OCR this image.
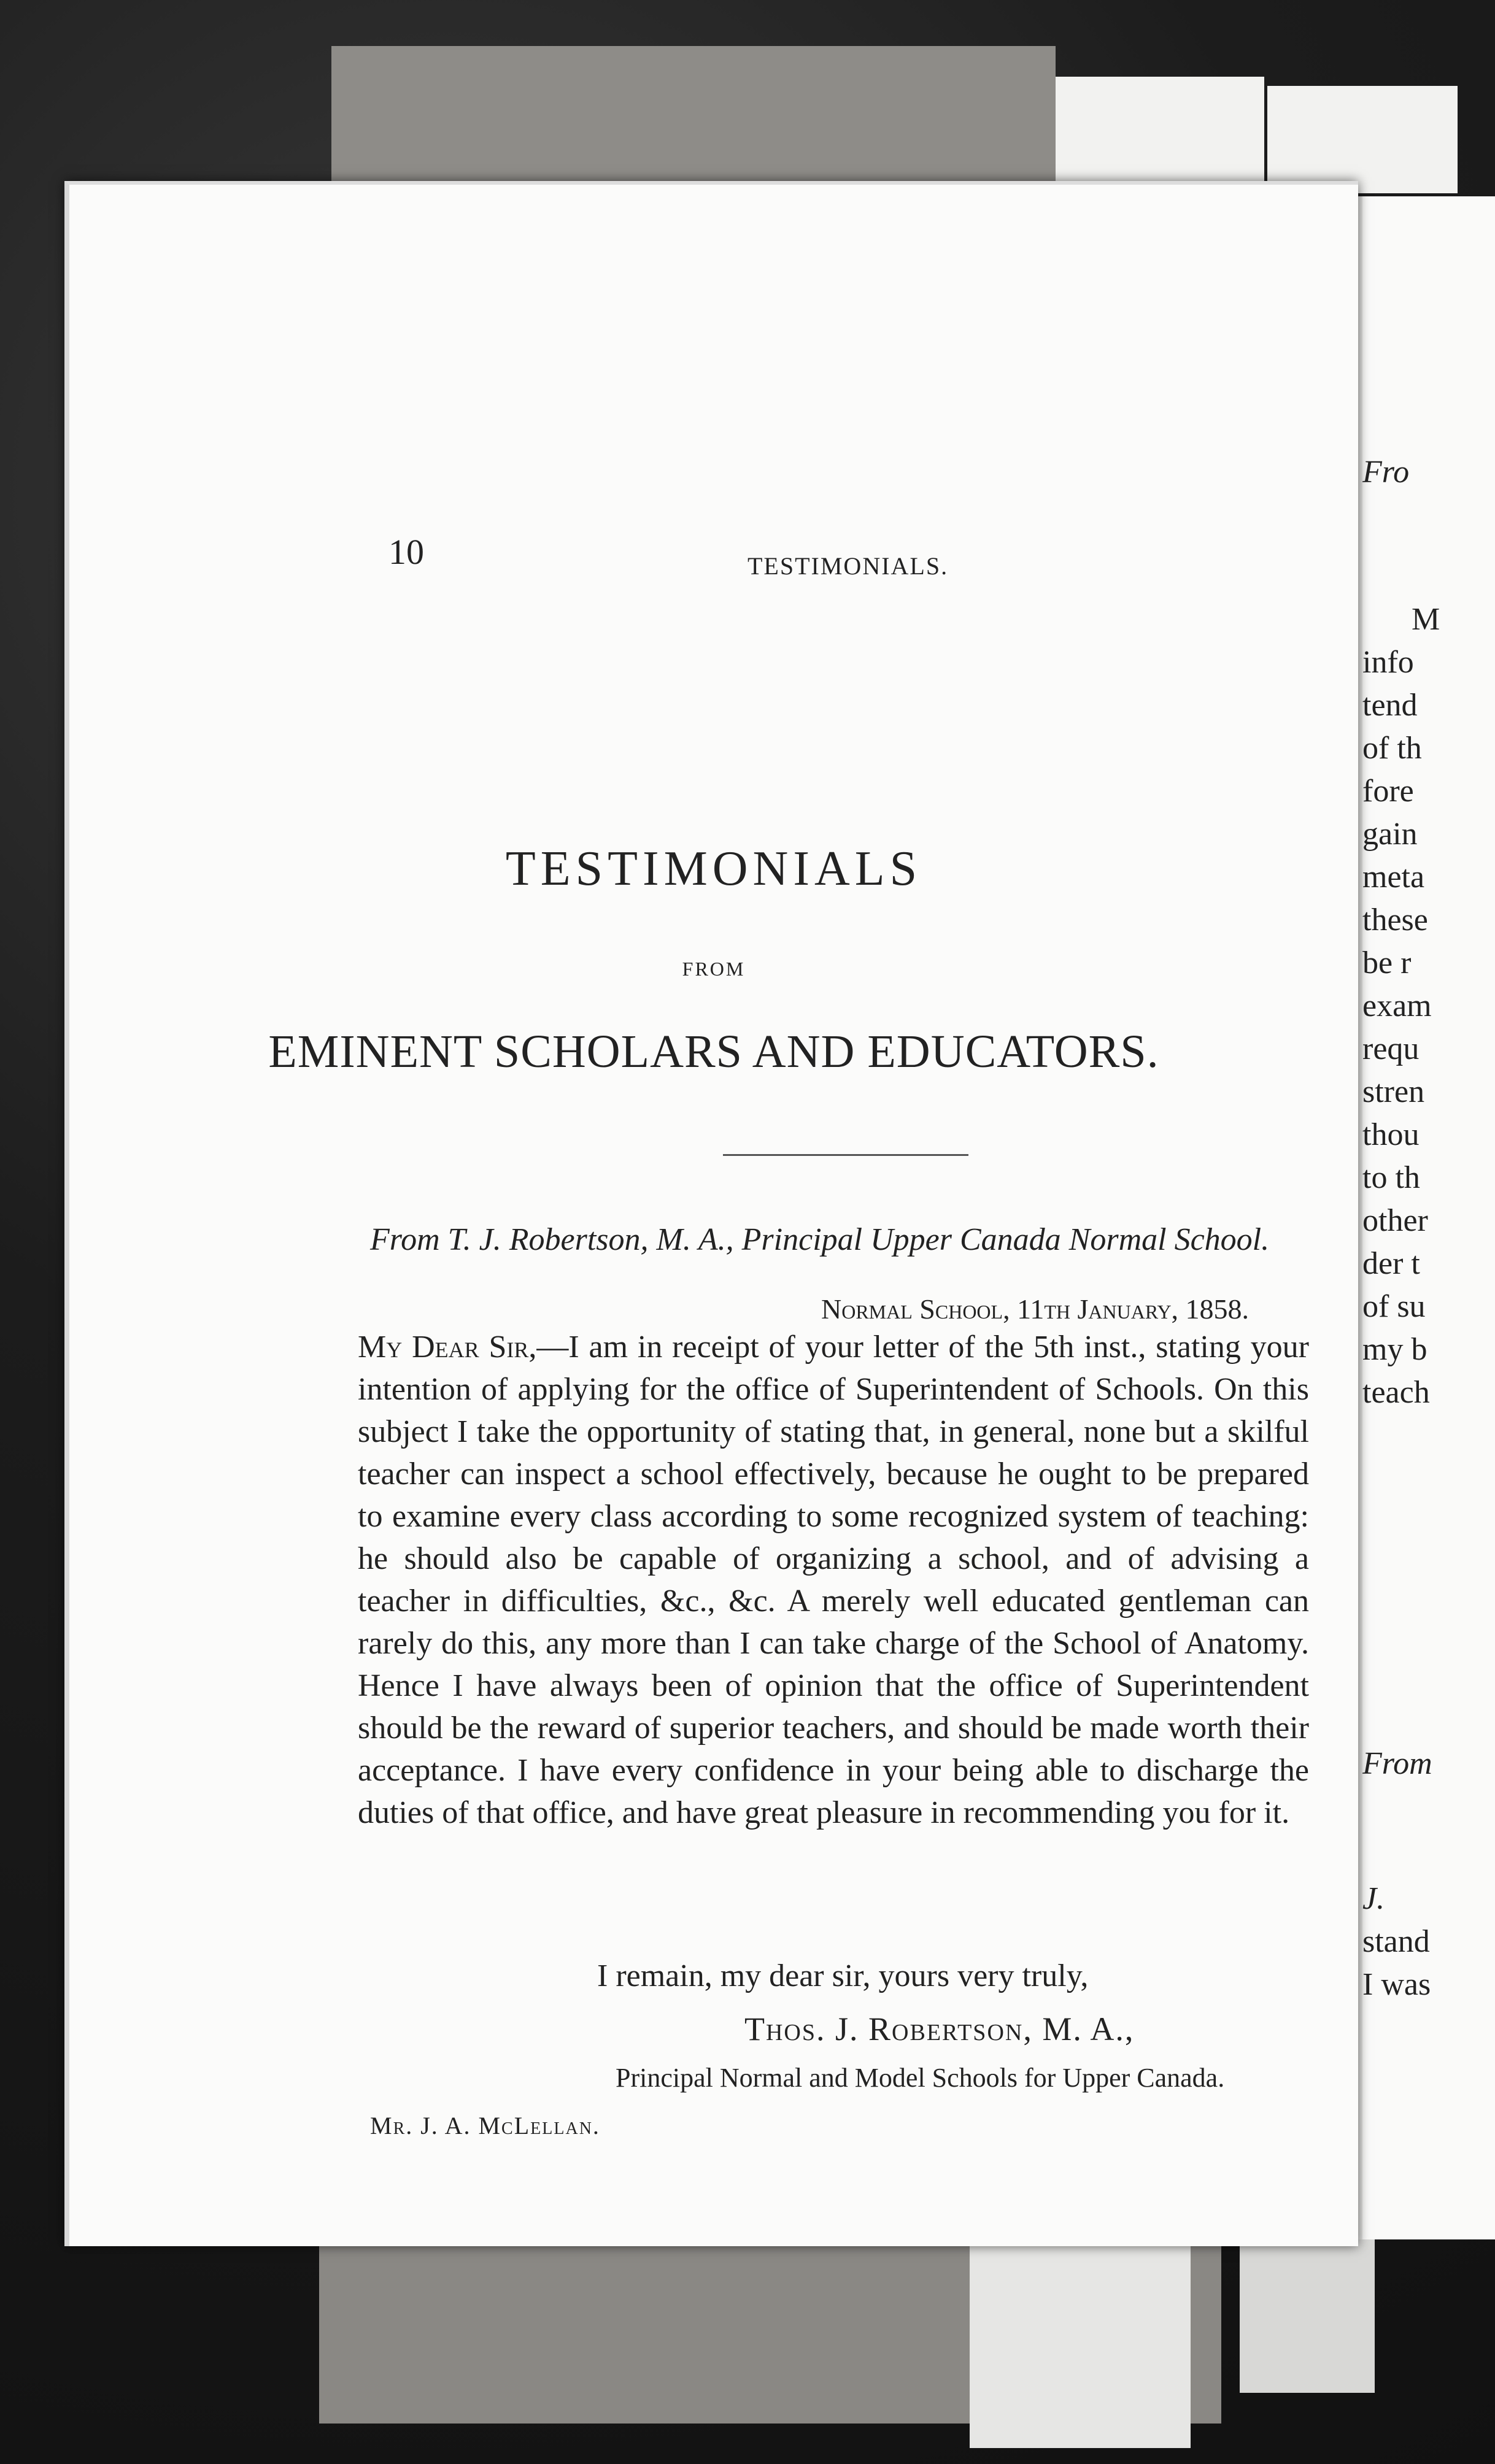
Fro
M
info
tend
of th
fore
gain
meta
these
be r
exam
requ
stren
thou
to th
other
der t
of su
my b
teach
From
J.
stand
I was
10	TESTIMONIALS.
TESTIMONIALS
FROM
EMINENT SCHOLARS AND EDUCATORS.
From T. J. Robertson, M. A., Principal Upper Canada Normal School.
Normal School, 11th January, 1858.
My Dear Sir,—I am in receipt of your letter of the 5th inst., stating your intention of applying for the office of Superintendent of Schools. On this subject I take the opportunity of stating that, in general, none but a skilful teacher can inspect a school effectively, because he ought to be prepared to examine every class according to some recognized system of teaching: he should also be capable of organizing a school, and of advising a teacher in difficulties, &c., &c. A merely well educated gentleman can rarely do this, any more than I can take charge of the School of Anatomy. Hence I have always been of opinion that the office of Superintendent should be the reward of superior teachers, and should be made worth their acceptance. I have every confidence in your being able to discharge the duties of that office, and have great pleasure in recommending you for it.
I remain, my dear sir, yours very truly,
Thos. J. Robertson, M. A.,
Principal Normal and Model Schools for Upper Canada.
Mr. J. A. McLellan.
